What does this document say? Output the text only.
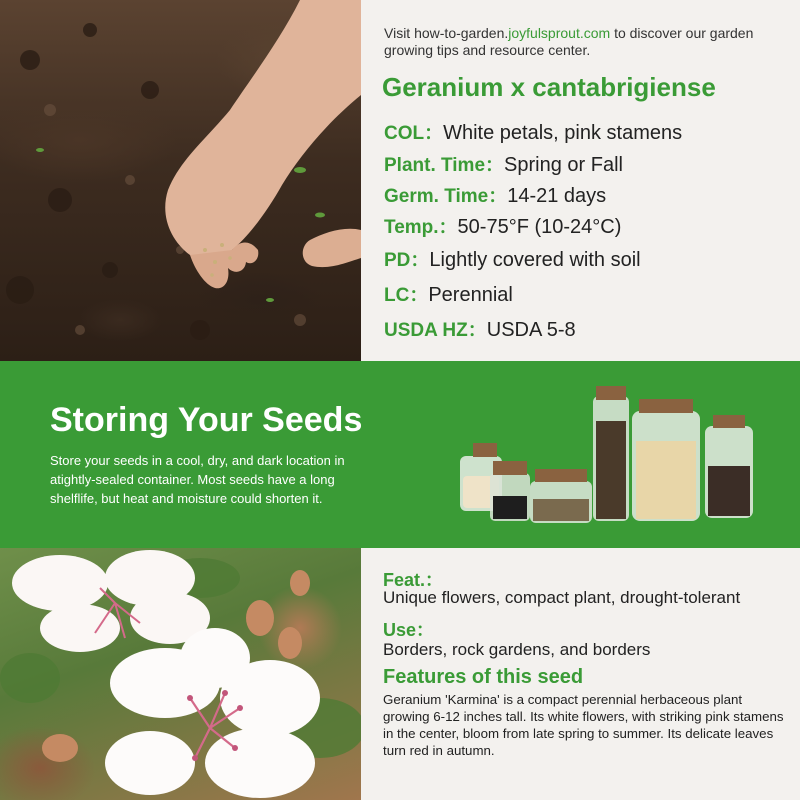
Visit how-to-garden.joyfulsprout.com to discover our garden growing tips and resource center.
Geranium x cantabrigiense
COL：White petals, pink stamens
Plant. Time：Spring or Fall
Germ. Time：14-21 days
Temp.：50-75°F (10-24°C)
PD：Lightly covered with soil
LC：Perennial
USDA HZ：USDA 5-8
Storing Your Seeds
Store your seeds in a cool, dry, and dark location in atightly-sealed container. Most seeds have a long shelflife, but heat and moisture could shorten it.
Feat.：
Unique flowers, compact plant, drought-tolerant
Use：
Borders, rock gardens, and borders
Features of this seed
Geranium 'Karmina' is a compact perennial herbaceous plant growing 6-12 inches tall. Its white flowers, with striking pink stamens in the center, bloom from late spring to summer. Its delicate leaves turn red in autumn.
